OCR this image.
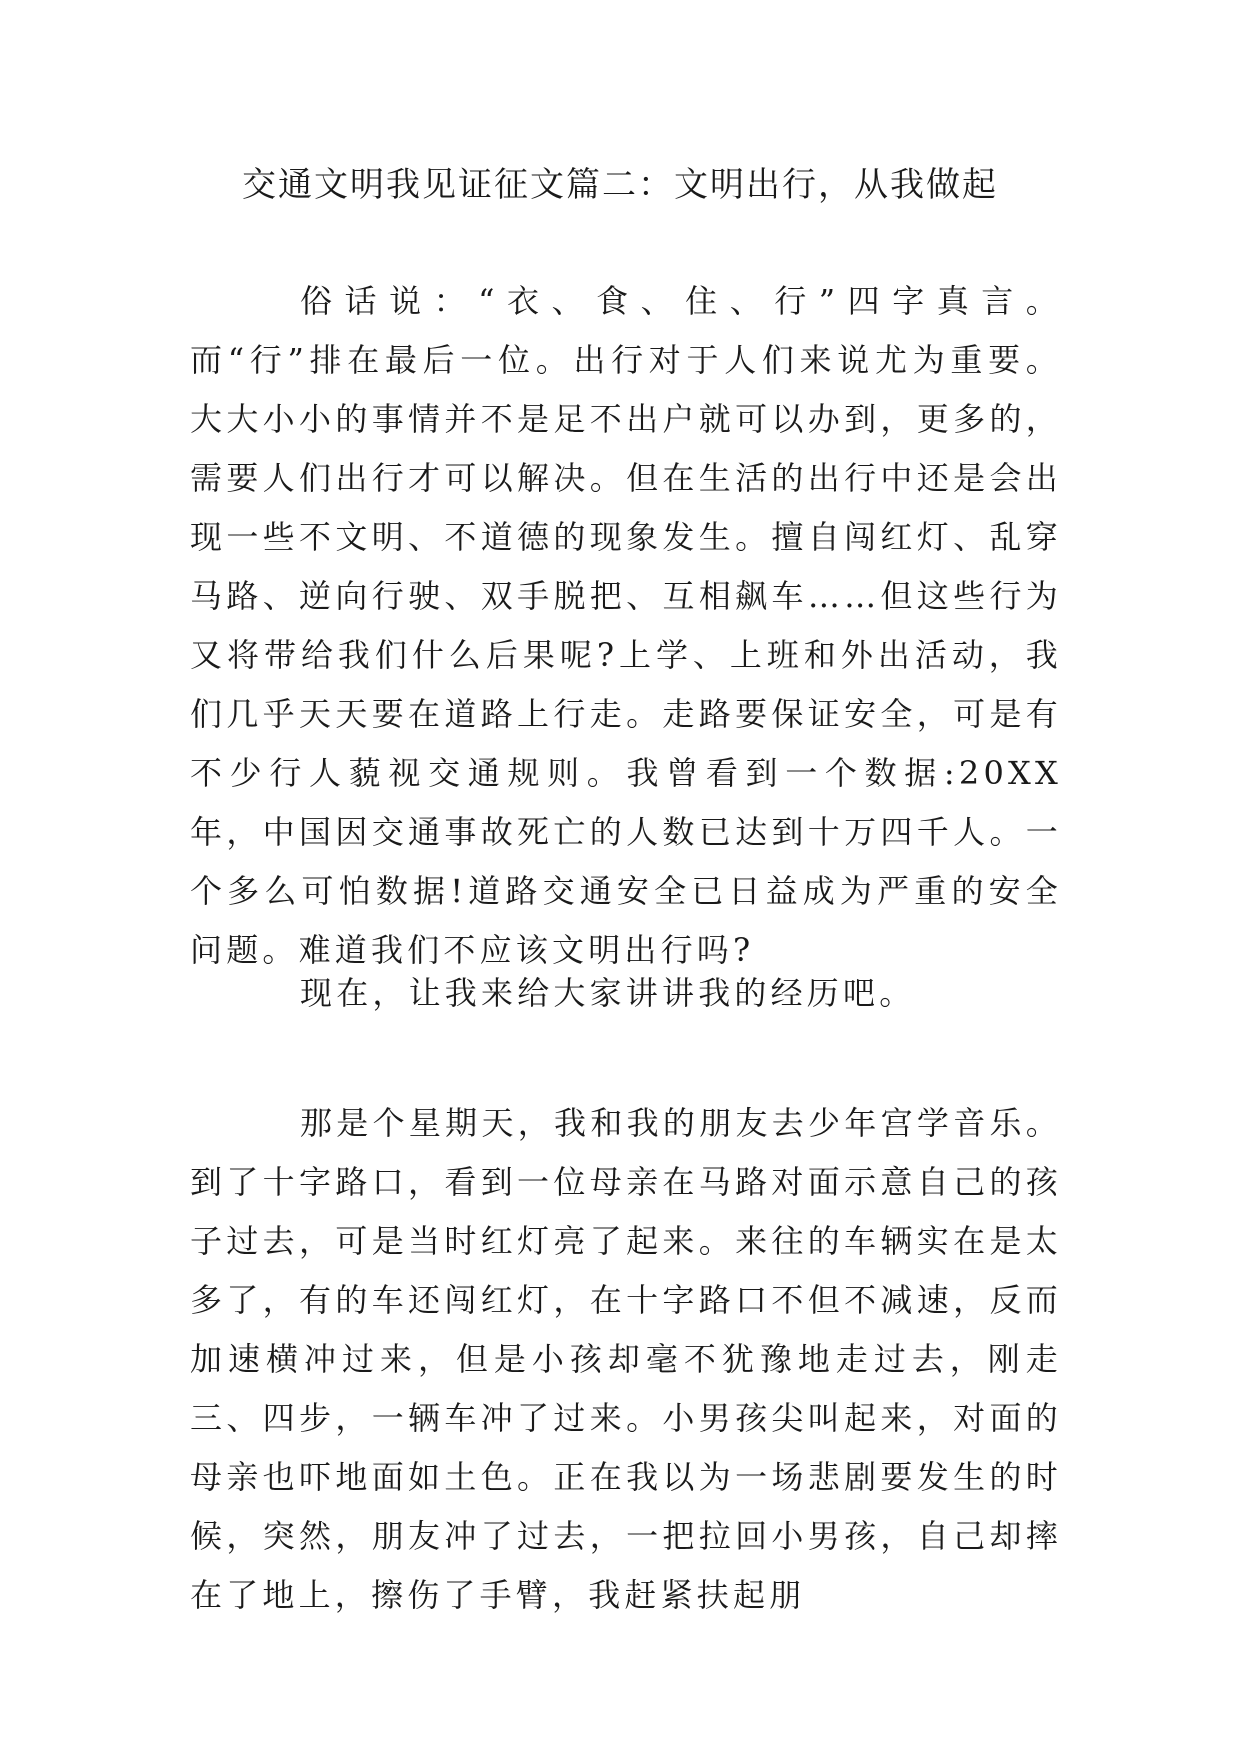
交通文明我见证征文篇二：文明出行，从我做起

俗话说：“衣、食、住、行”四字真言。而“行”排在最后一位。出行对于人们来说尤为重要。大大小小的事情并不是足不出户就可以办到，更多的，需要人们出行才可以解决。但在生活的出行中还是会出现一些不文明、不道德的现象发生。擅自闯红灯、乱穿马路、逆向行驶、双手脱把、互相飙车……但这些行为又将带给我们什么后果呢?上学、上班和外出活动，我们几乎天天要在道路上行走。走路要保证安全，可是有不少行人藐视交通规则。我曾看到一个数据:20XX年，中国因交通事故死亡的人数已达到十万四千人。一个多么可怕数据!道路交通安全已日益成为严重的安全问题。难道我们不应该文明出行吗?

现在，让我来给大家讲讲我的经历吧。

那是个星期天，我和我的朋友去少年宫学音乐。到了十字路口，看到一位母亲在马路对面示意自己的孩子过去，可是当时红灯亮了起来。来往的车辆实在是太多了，有的车还闯红灯，在十字路口不但不减速，反而加速横冲过来，但是小孩却毫不犹豫地走过去，刚走三、四步，一辆车冲了过来。小男孩尖叫起来，对面的母亲也吓地面如土色。正在我以为一场悲剧要发生的时候，突然，朋友冲了过去，一把拉回小男孩，自己却摔在了地上，擦伤了手臂，我赶紧扶起朋
